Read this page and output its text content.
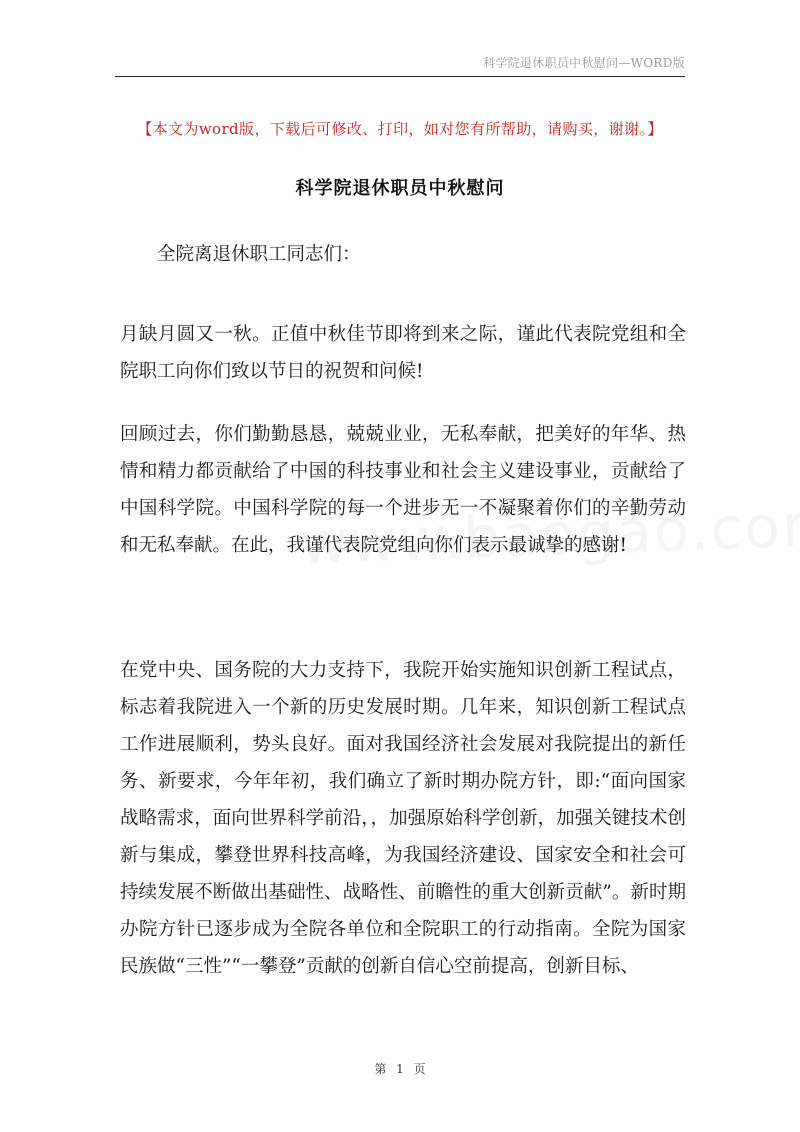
科学院退休职员中秋慰问—WORD版
【本文为word版，下载后可修改、打印，如对您有所帮助，请购买，谢谢。】
科学院退休职员中秋慰问

全院离退休职工同志们：

月缺月圆又一秋。正值中秋佳节即将到来之际，谨此代表院党组和全院职工向你们致以节日的祝贺和问候!

回顾过去，你们勤勤恳恳，兢兢业业，无私奉献，把美好的年华、热情和精力都贡献给了中国的科技事业和社会主义建设事业，贡献给了中国科学院。中国科学院的每一个进步无一不凝聚着你们的辛勤劳动和无私奉献。在此，我谨代表院党组向你们表示最诚挚的感谢!

在党中央、国务院的大力支持下，我院开始实施知识创新工程试点，标志着我院进入一个新的历史发展时期。几年来，知识创新工程试点工作进展顺利，势头良好。面对我国经济社会发展对我院提出的新任务、新要求，今年年初，我们确立了新时期办院方针，即:“面向国家战略需求，面向世界科学前沿，，加强原始科学创新，加强关键技术创新与集成，攀登世界科技高峰，为我国经济建设、国家安全和社会可持续发展不断做出基础性、战略性、前瞻性的重大创新贡献”。新时期办院方针已逐步成为全院各单位和全院职工的行动指南。全院为国家民族做“三性”“一攀登”贡献的创新自信心空前提高，创新目标、

第 1 页
